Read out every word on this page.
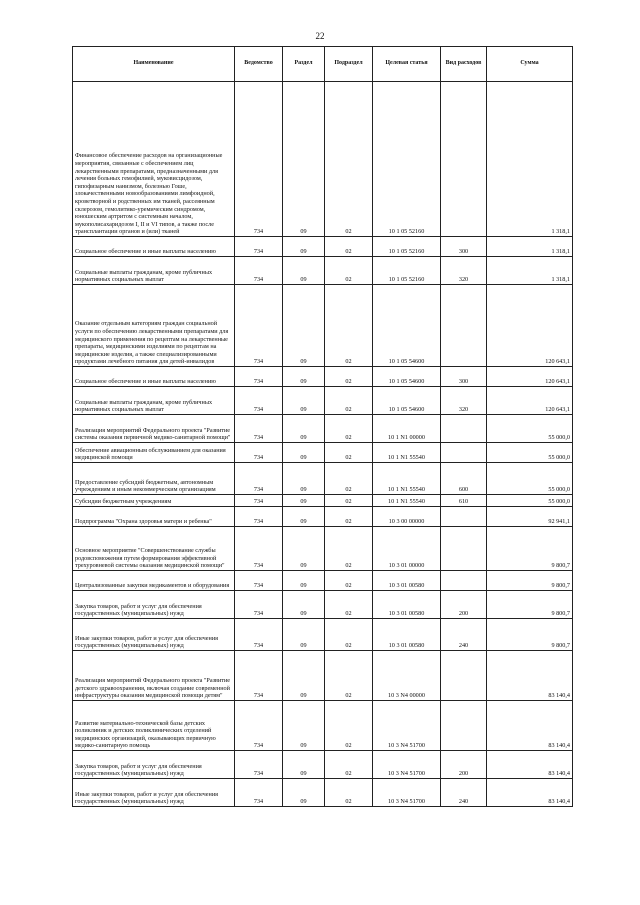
22
Наименование	Ведомство	Раздел	Подраздел	Целевая статья	Вид расходов	Сумма
Финансовое обеспечение расходов на организационные мероприятия, связанные с обеспечением лиц лекарственными препаратами, предназначенными для лечения больных гемофилией, муковисцидозом, гипофизарным нанизмом, болезнью Гоше, злокачественными новообразованиями лимфоидной, кроветворной и родственных им тканей, рассеянным склерозом, гемолитико-уремическим синдромом, юношеским артритом с системным началом, мукополисахаридозом I, II и VI типов, а также после трансплантации органов и (или) тканей	734	09	02	10 1 05 52160		1 318,1
Социальное обеспечение и иные выплаты населению	734	09	02	10 1 05 52160	300	1 318,1
Социальные выплаты гражданам, кроме публичных нормативных социальных выплат	734	09	02	10 1 05 52160	320	1 318,1
Оказание отдельным категориям граждан социальной услуги по обеспечению лекарственными препаратами для медицинского применения по рецептам на лекарственные препараты, медицинскими изделиями по рецептам на медицинские изделия, а также специализированными продуктами лечебного питания для детей-инвалидов	734	09	02	10 1 05 54600		120 643,1
Социальное обеспечение и иные выплаты населению	734	09	02	10 1 05 54600	300	120 643,1
Социальные выплаты гражданам, кроме публичных нормативных социальных выплат	734	09	02	10 1 05 54600	320	120 643,1
Реализация мероприятий Федерального проекта "Развитие системы оказания первичной медико-санитарной помощи"	734	09	02	10 1 N1 00000		55 000,0
Обеспечение авиационным обслуживанием для оказания медицинской помощи	734	09	02	10 1 N1 55540		55 000,0
Предоставление субсидий бюджетным, автономным учреждениям и иным некоммерческим организациям	734	09	02	10 1 N1 55540	600	55 000,0
Субсидии бюджетным учреждениям	734	09	02	10 1 N1 55540	610	55 000,0
Подпрограмма "Охрана здоровья матери и ребенка"	734	09	02	10 3 00 00000		92 941,1
Основное мероприятие "Совершенствование службы родовспоможения путем формирования эффективной трехуровневой системы оказания медицинской помощи"	734	09	02	10 3 01 00000		9 800,7
Централизованные закупки медикаментов и оборудования	734	09	02	10 3 01 00580		9 800,7
Закупка товаров, работ и услуг для обеспечения государственных (муниципальных) нужд	734	09	02	10 3 01 00580	200	9 800,7
Иные закупки товаров, работ и услуг для обеспечения государственных (муниципальных) нужд	734	09	02	10 3 01 00580	240	9 800,7
Реализация мероприятий Федерального проекта "Развитие детского здравоохранения, включая создание современной инфраструктуры оказания медицинской помощи детям"	734	09	02	10 3 N4 00000		83 140,4
Развитие материально-технической базы детских поликлиник и детских поликлинических отделений медицинских организаций, оказывающих первичную медико-санитарную помощь	734	09	02	10 3 N4 51700		83 140,4
Закупка товаров, работ и услуг для обеспечения государственных (муниципальных) нужд	734	09	02	10 3 N4 51700	200	83 140,4
Иные закупки товаров, работ и услуг для обеспечения государственных (муниципальных) нужд	734	09	02	10 3 N4 51700	240	83 140,4
